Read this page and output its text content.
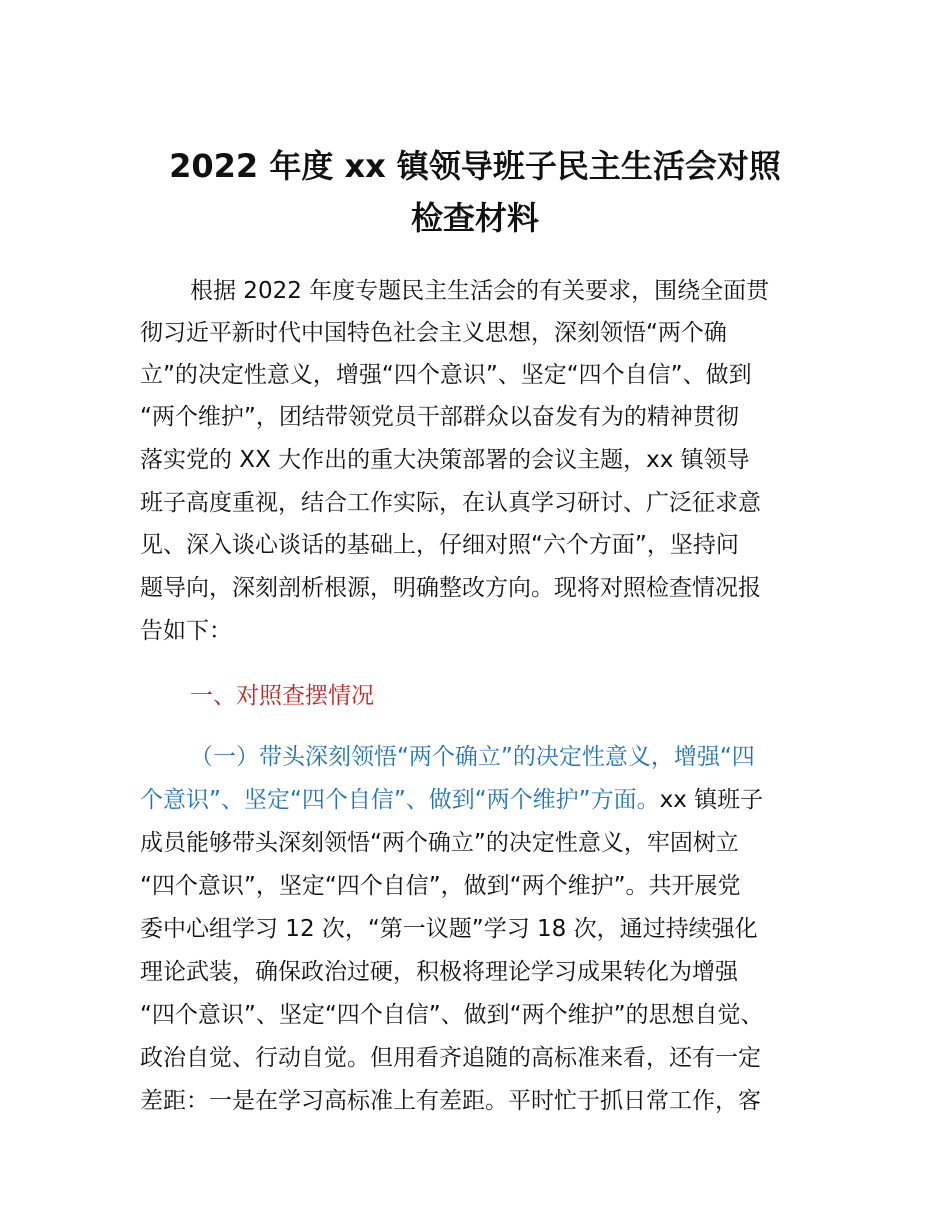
2022 年度 xx 镇领导班子民主生活会对照
检查材料
根据 2022 年度专题民主生活会的有关要求，围绕全面贯
彻习近平新时代中国特色社会主义思想，深刻领悟“两个确
立”的决定性意义，增强“四个意识”、坚定“四个自信”、做到
“两个维护”，团结带领党员干部群众以奋发有为的精神贯彻
落实党的 XX 大作出的重大决策部署的会议主题，xx 镇领导
班子高度重视，结合工作实际，在认真学习研讨、广泛征求意
见、深入谈心谈话的基础上，仔细对照“六个方面”，坚持问
题导向，深刻剖析根源，明确整改方向。现将对照检查情况报
告如下：
一、对照查摆情况
（一）带头深刻领悟“两个确立”的决定性意义，增强“四
个意识”、坚定“四个自信”、做到“两个维护”方面。xx 镇班子
成员能够带头深刻领悟“两个确立”的决定性意义，牢固树立
“四个意识”，坚定“四个自信”，做到“两个维护”。共开展党
委中心组学习 12 次，“第一议题”学习 18 次，通过持续强化
理论武装，确保政治过硬，积极将理论学习成果转化为增强
“四个意识”、坚定“四个自信”、做到“两个维护”的思想自觉、
政治自觉、行动自觉。但用看齐追随的高标准来看，还有一定
差距：一是在学习高标准上有差距。平时忙于抓日常工作，客
